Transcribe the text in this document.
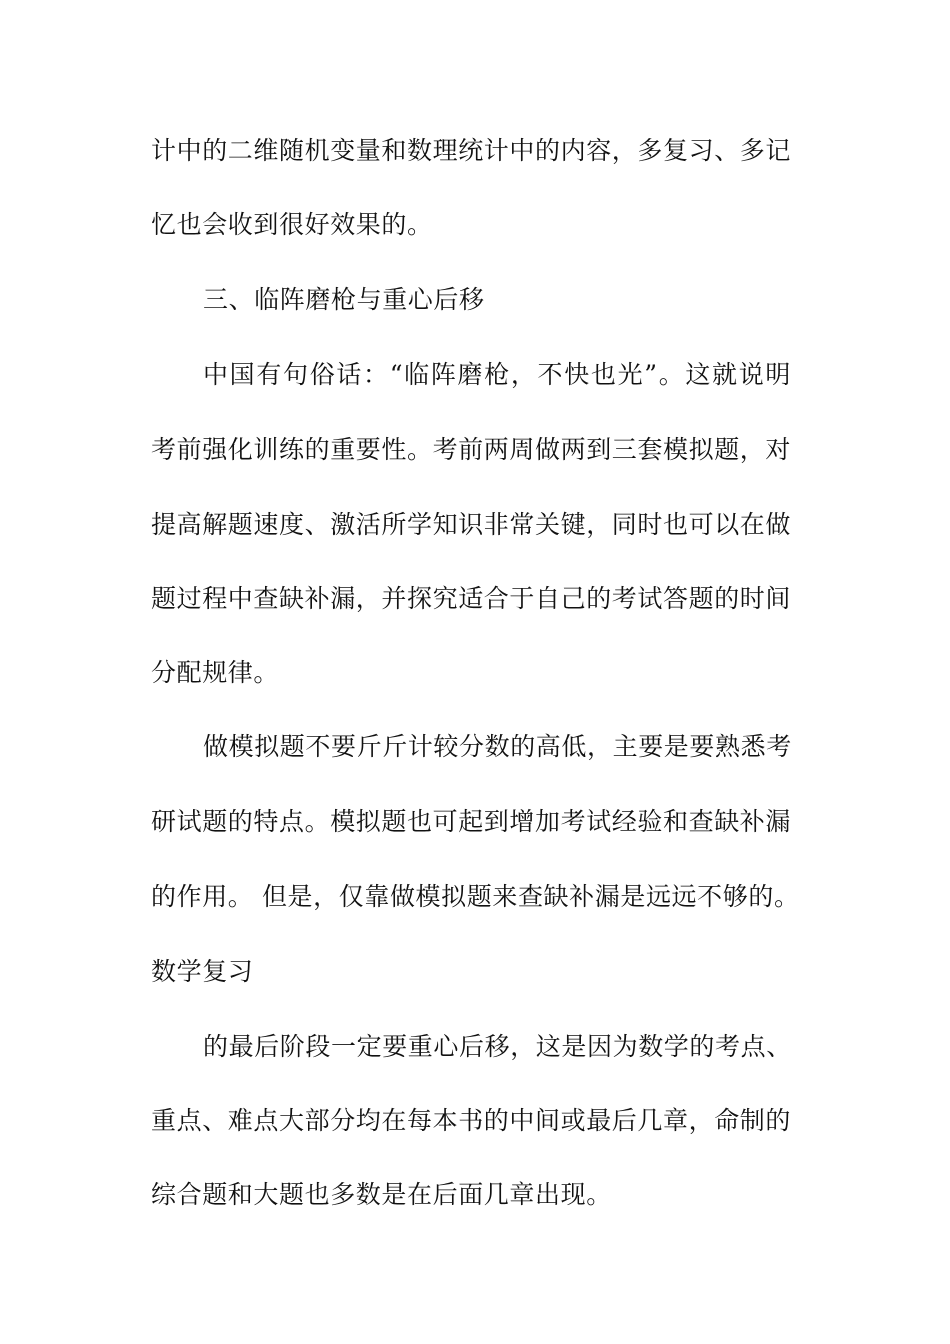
计中的二维随机变量和数理统计中的内容，多复习、多记
忆也会收到很好效果的。
三、临阵磨枪与重心后移
中国有句俗话：“临阵磨枪，不快也光”。这就说明
考前强化训练的重要性。考前两周做两到三套模拟题，对
提高解题速度、激活所学知识非常关键，同时也可以在做
题过程中查缺补漏，并探究适合于自己的考试答题的时间
分配规律。
做模拟题不要斤斤计较分数的高低，主要是要熟悉考
研试题的特点。模拟题也可起到增加考试经验和查缺补漏
的作用。 但是，仅靠做模拟题来查缺补漏是远远不够的。
数学复习
的最后阶段一定要重心后移，这是因为数学的考点、
重点、难点大部分均在每本书的中间或最后几章，命制的
综合题和大题也多数是在后面几章出现。
